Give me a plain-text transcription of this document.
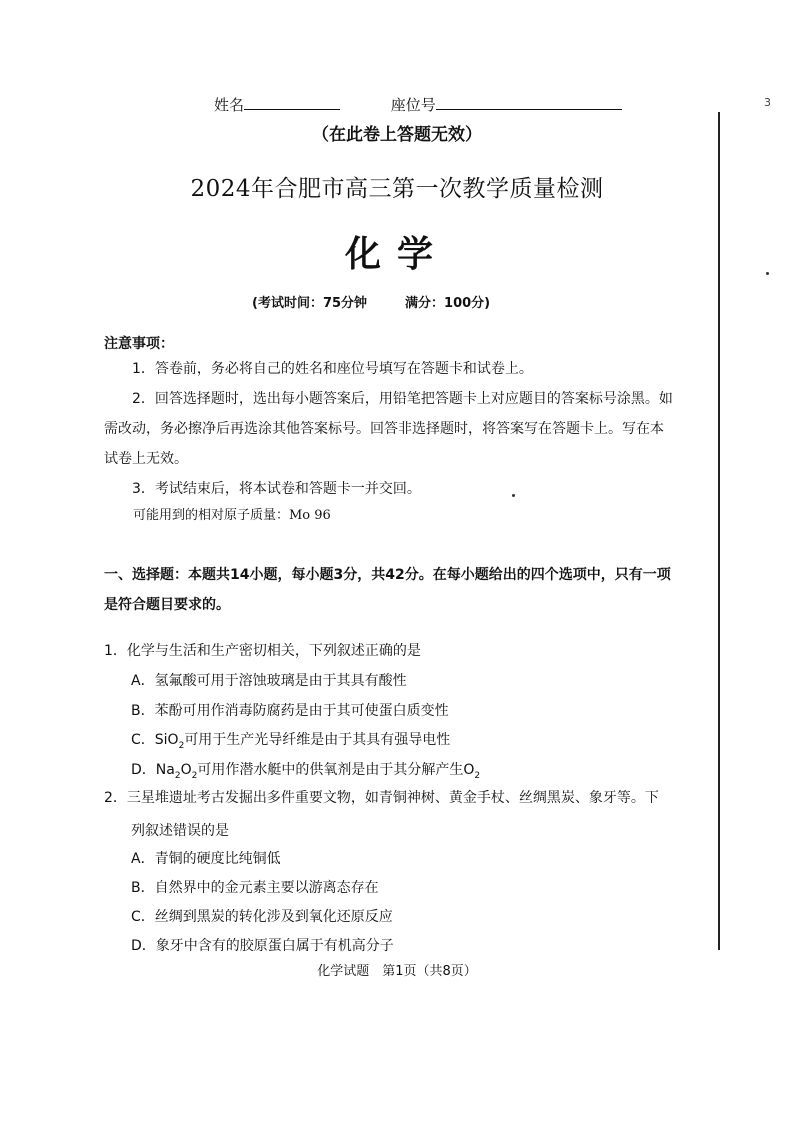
3
姓名	座位号
（在此卷上答题无效）
2024年合肥市高三第一次教学质量检测
化学
(考试时间：75分钟	满分：100分)
注意事项：

1．答卷前，务必将自己的姓名和座位号填写在答题卡和试卷上。

2．回答选择题时，选出每小题答案后，用铅笔把答题卡上对应题目的答案标号涂黑。如需改动，务必擦净后再选涂其他答案标号。回答非选择题时，将答案写在答题卡上。写在本试卷上无效。

3．考试结束后，将本试卷和答题卡一并交回。

可能用到的相对原子质量：Mo 96
一、选择题：本题共14小题，每小题3分，共42分。在每小题给出的四个选项中，只有一项是符合题目要求的。

1．化学与生活和生产密切相关，下列叙述正确的是

A．氢氟酸可用于溶蚀玻璃是由于其具有酸性
B．苯酚可用作消毒防腐药是由于其可使蛋白质变性
C．SiO$_2$可用于生产光导纤维是由于其具有强导电性
D．$Na_2O_2$可用作潜水艇中的供氧剂是由于其分解产生$O_2$

2．三星堆遗址考古发掘出多件重要文物，如青铜神树、黄金手杖、丝绸黑炭、象牙等。下

列叙述错误的是
A．青铜的硬度比纯铜低
B．自然界中的金元素主要以游离态存在
C．丝绸到黑炭的转化涉及到氧化还原反应
D．象牙中含有的胶原蛋白属于有机高分子
化学试题　第1页（共8页）
